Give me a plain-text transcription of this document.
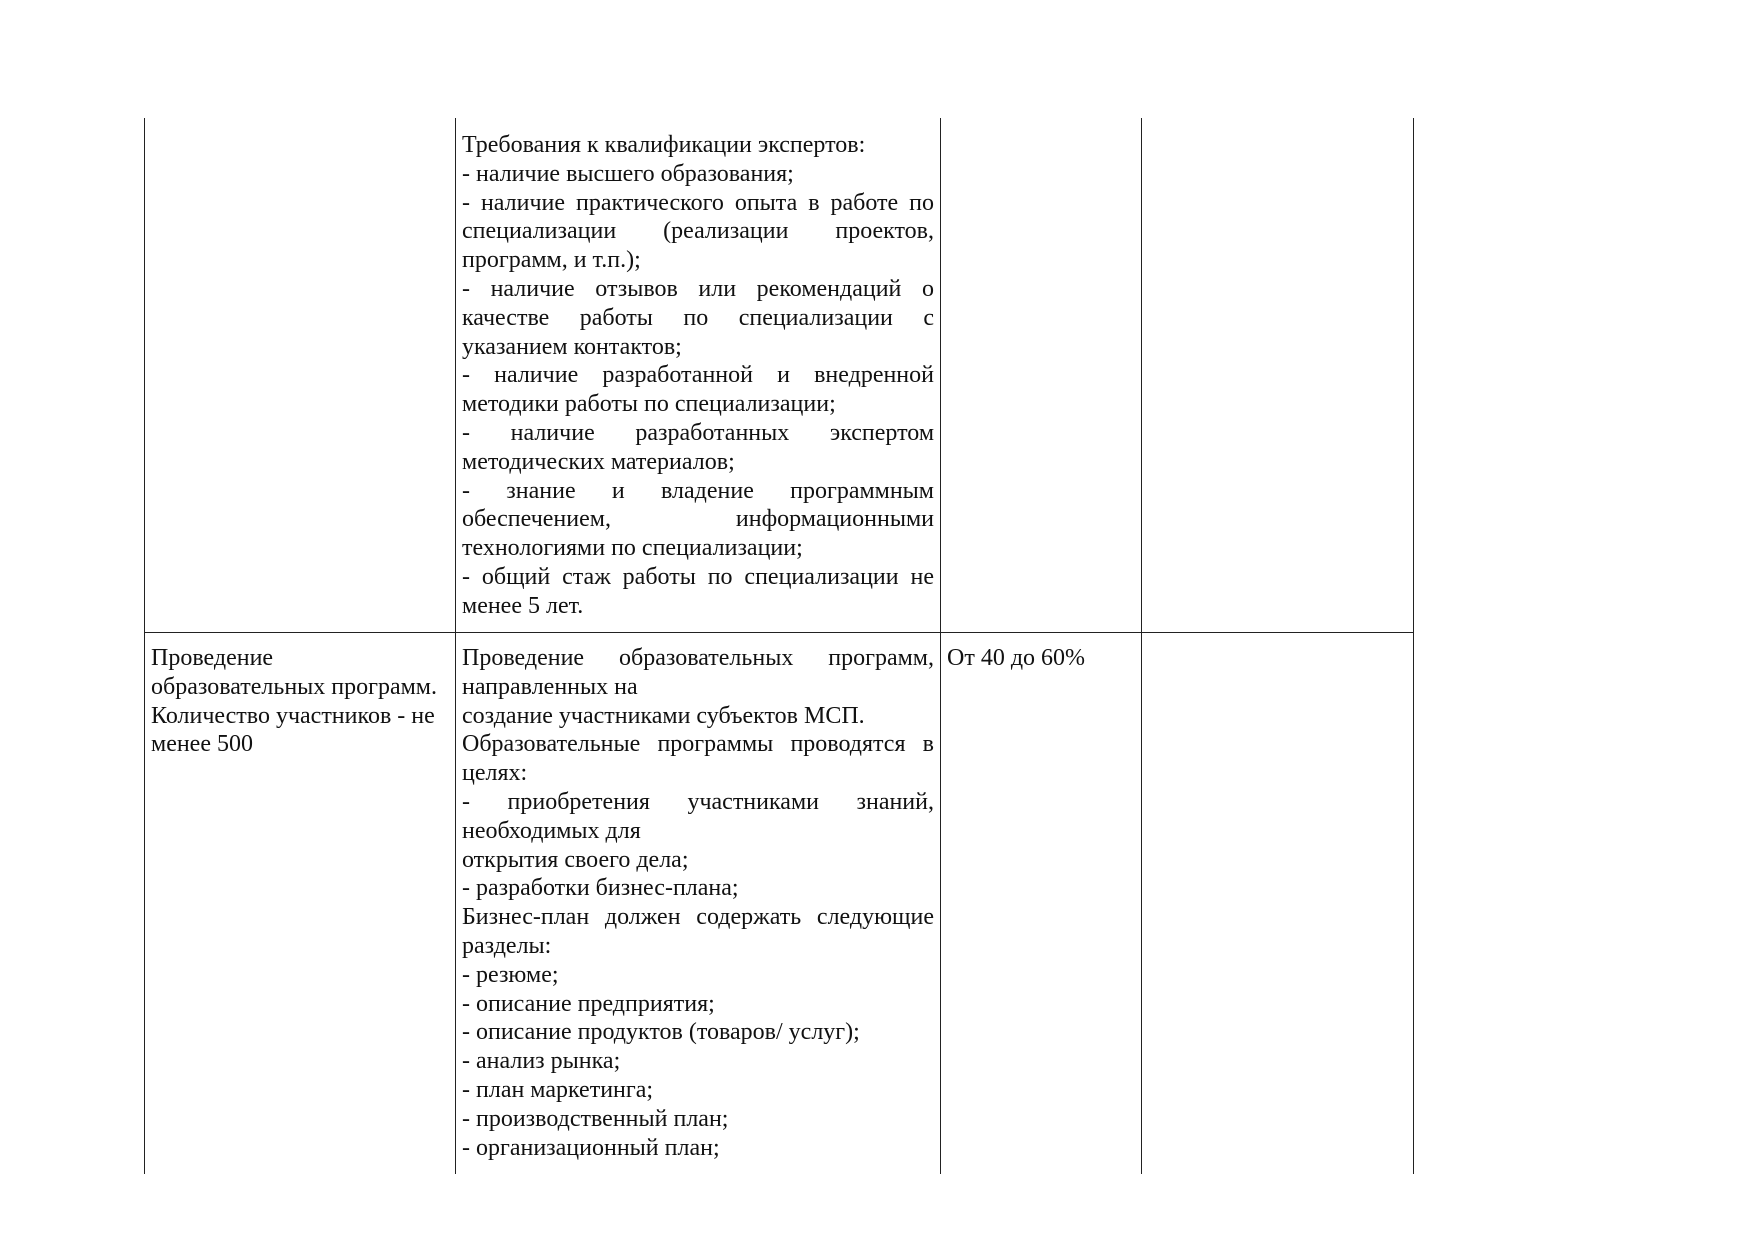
Требования к квалификации экспертов:

- наличие высшего образования;

- наличие практического опыта в работе по специализации (реализации проектов, программ, и т.п.);

- наличие отзывов или рекомендаций о качестве работы по специализации с указанием контактов;

- наличие разработанной и внедренной методики работы по специализации;

- наличие разработанных экспертом методических материалов;

- знание и владение программным обеспечением, информационными технологиями по специализации;

- общий стаж работы по специализации не менее 5 лет.

Проведение образовательных программ. Количество участников - не менее 500

Проведение образовательных программ, направленных на

создание участниками субъектов МСП.

Образовательные программы проводятся в целях:

- приобретения участниками знаний, необходимых для

открытия своего дела;

- разработки бизнес-плана;

Бизнес-план должен содержать следующие разделы:

- резюме;

- описание предприятия;

- описание продуктов (товаров/ услуг);

- анализ рынка;

- план маркетинга;

- производственный план;

- организационный план;

От 40 до 60%
